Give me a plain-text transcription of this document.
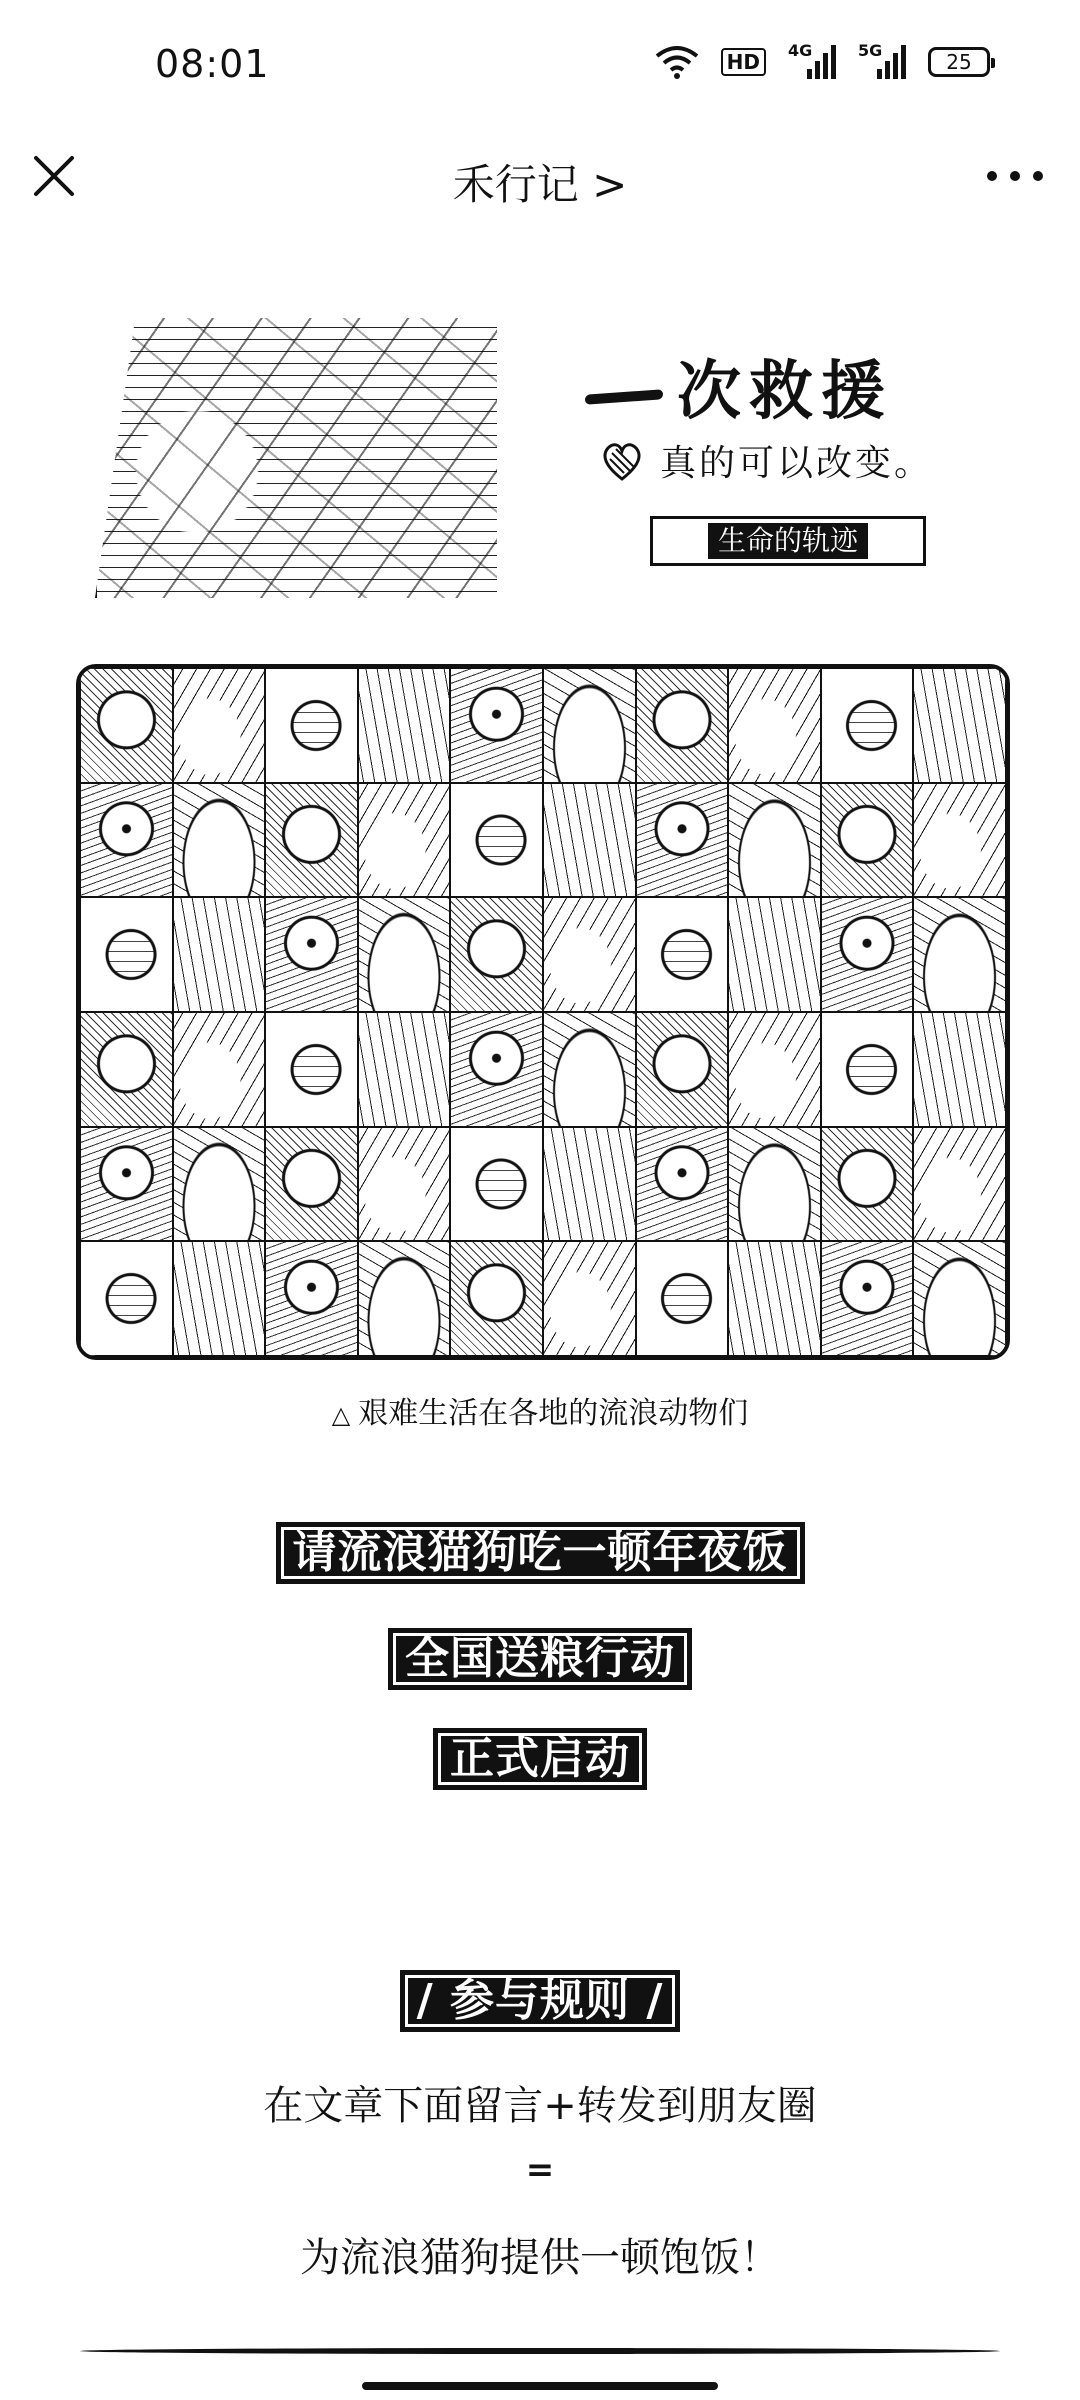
08:01	HD	4G	5G	25
禾行记 >
次救援
真的可以改变。
生命的轨迹
△ 艰难生活在各地的流浪动物们
请流浪猫狗吃一顿年夜饭
全国送粮行动
正式启动
/ 参与规则 /
在文章下面留言+转发到朋友圈
=
为流浪猫狗提供一顿饱饭！
